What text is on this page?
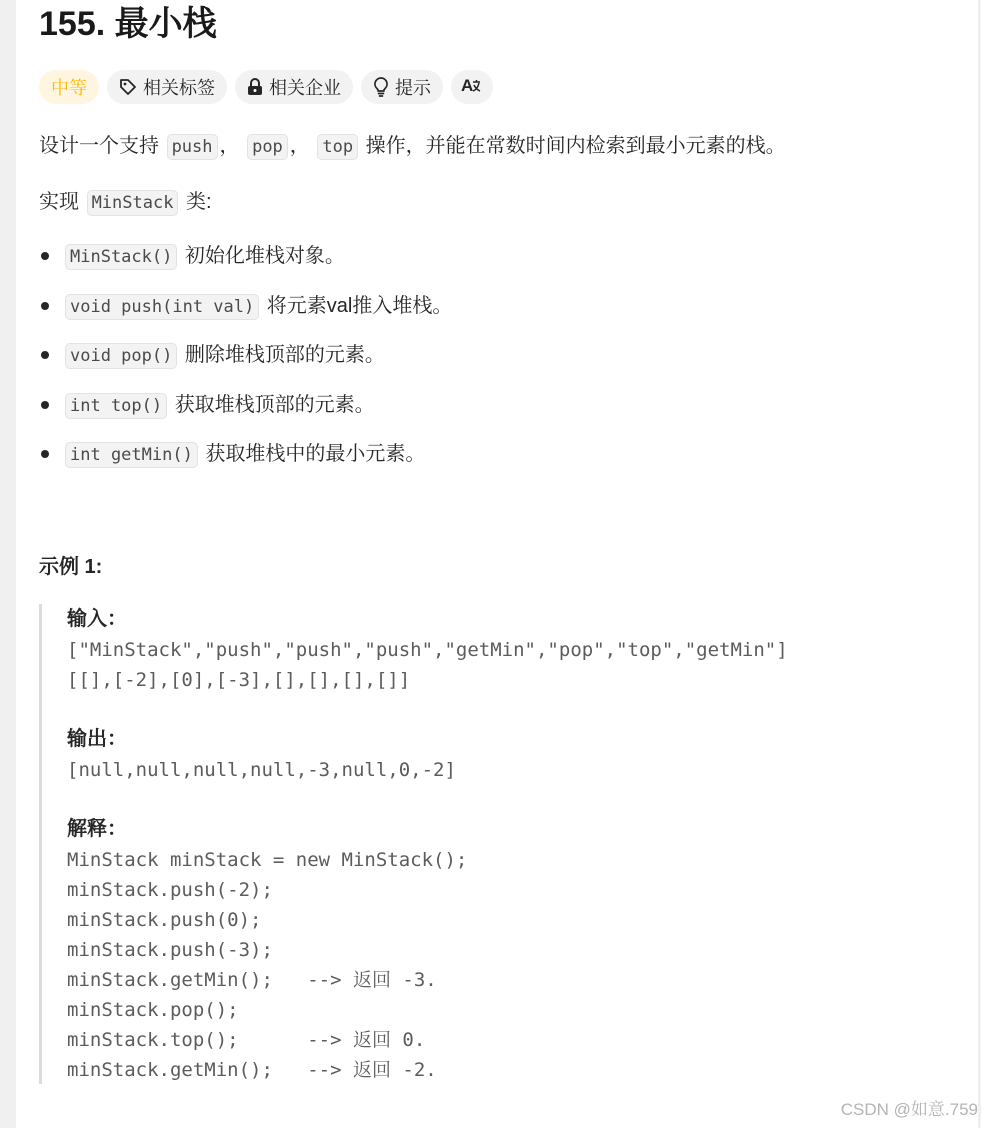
155. 最小栈
中等	相关标签	相关企业	提示 A

设计一个支持 push ， pop ， top 操作，并能在常数时间内检索到最小元素的栈。

实现 MinStack 类:

MinStack() 初始化堆栈对象。
void push(int val) 将元素val推入堆栈。
void pop() 删除堆栈顶部的元素。
int top() 获取堆栈顶部的元素。
int getMin() 获取堆栈中的最小元素。

示例 1:

输入：

["MinStack","push","push","push","getMin","pop","top","getMin"]

[[],[-2],[0],[-3],[],[],[],[]]

输出：

[null,null,null,null,-3,null,0,-2]

解释：

MinStack minStack = new MinStack();

minStack.push(-2);

minStack.push(0);

minStack.push(-3);

minStack.getMin();   --> 返回 -3.

minStack.pop();

minStack.top();      --> 返回 0.

minStack.getMin();   --> 返回 -2.

CSDN @如意.759
